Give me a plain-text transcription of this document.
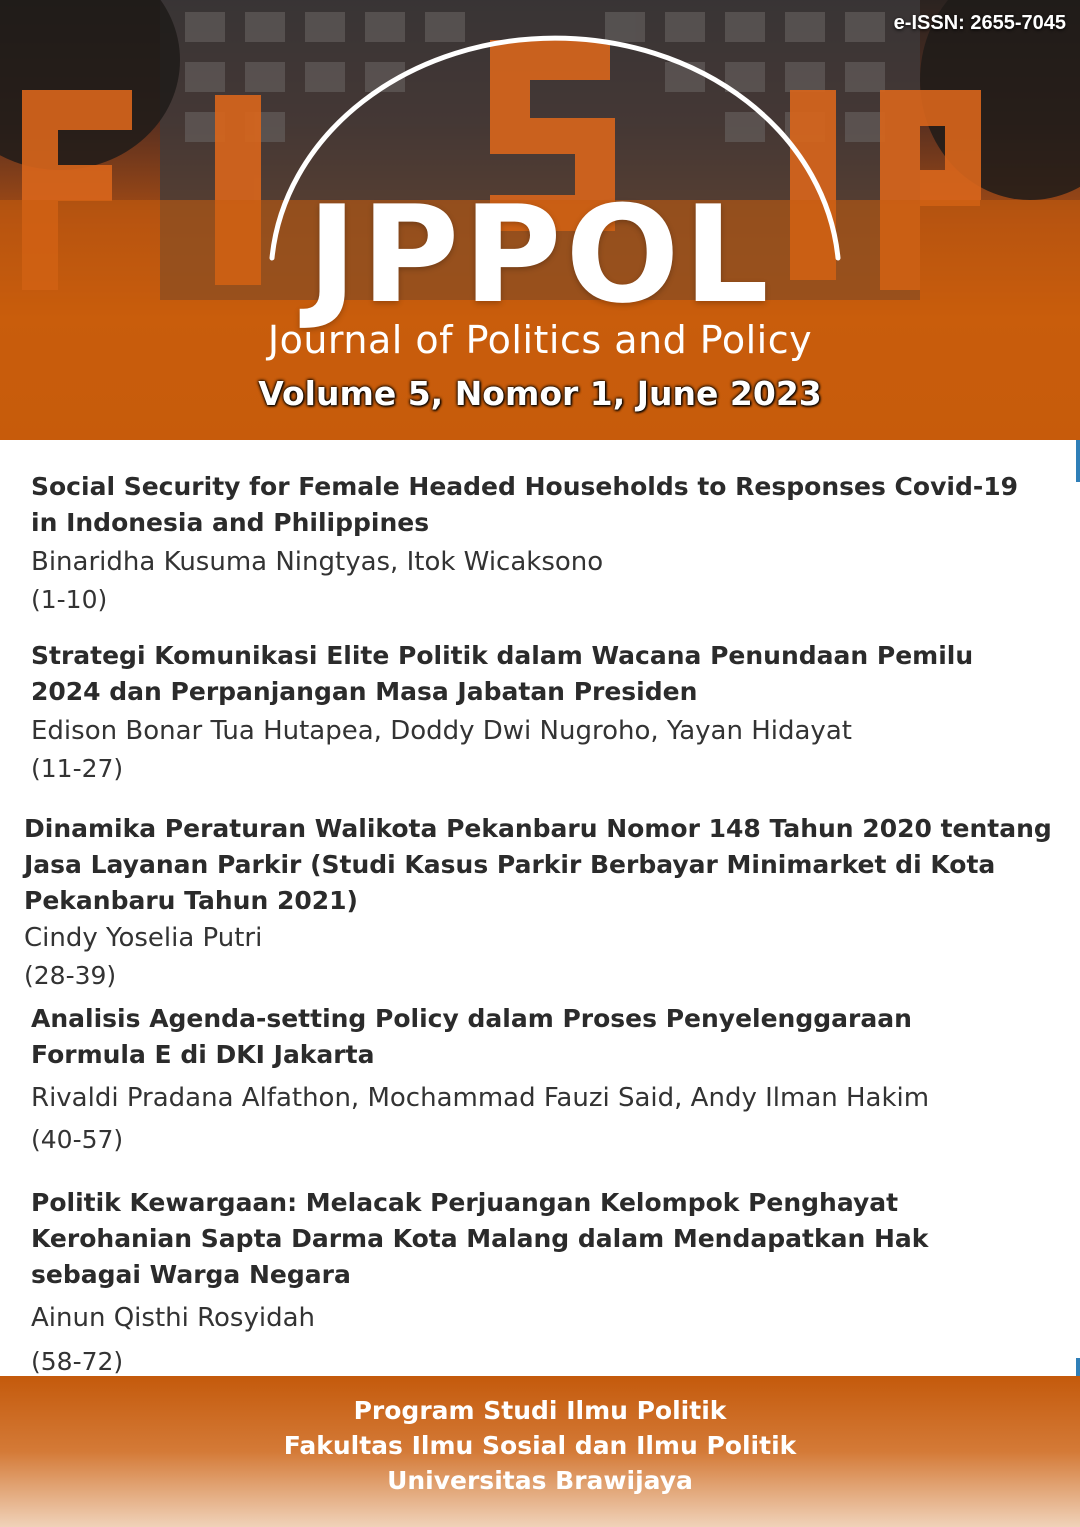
e-ISSN: 2655-7045
JPPOL
Journal of Politics and Policy
Volume 5, Nomor 1, June 2023
Social Security for Female Headed Households to Responses Covid-19 in Indonesia and Philippines
Binaridha Kusuma Ningtyas, Itok Wicaksono
(1-10)
Strategi Komunikasi Elite Politik dalam Wacana Penundaan Pemilu 2024 dan Perpanjangan Masa Jabatan Presiden
Edison Bonar Tua Hutapea, Doddy Dwi Nugroho, Yayan Hidayat
(11-27)
Dinamika Peraturan Walikota Pekanbaru Nomor 148 Tahun 2020 tentang Jasa Layanan Parkir (Studi Kasus Parkir Berbayar Minimarket di Kota Pekanbaru Tahun 2021)
Cindy Yoselia Putri
(28-39)
Analisis Agenda-setting Policy dalam Proses Penyelenggaraan
Formula E di DKI Jakarta
Rivaldi Pradana Alfathon, Mochammad Fauzi Said, Andy Ilman Hakim
(40-57)
Politik Kewargaan: Melacak Perjuangan Kelompok Penghayat Kerohanian Sapta Darma Kota Malang dalam Mendapatkan Hak sebagai Warga Negara
Ainun Qisthi Rosyidah
(58-72)
Program Studi Ilmu Politik
Fakultas Ilmu Sosial dan Ilmu Politik
Universitas Brawijaya
